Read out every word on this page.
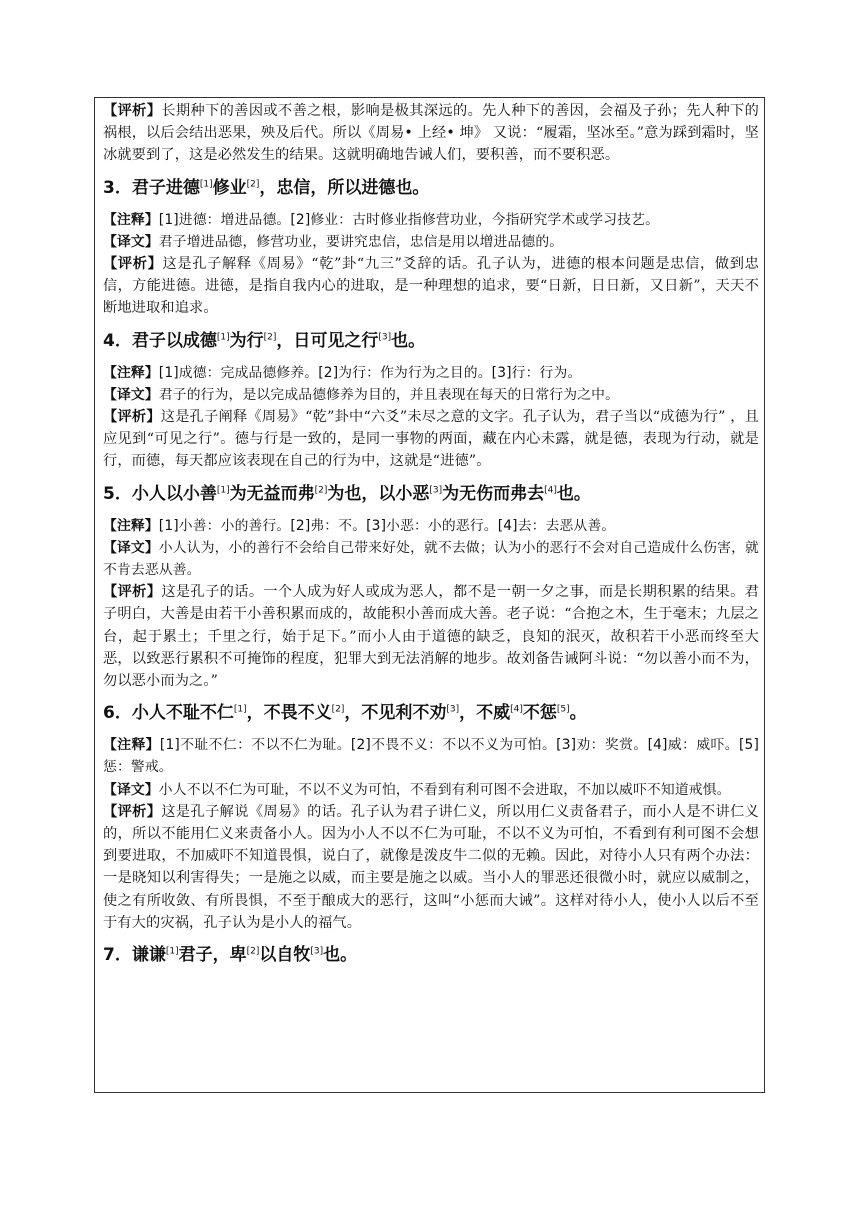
【评析】长期种下的善因或不善之根，影响是极其深远的。先人种下的善因，会福及子孙；先人种下的祸根，以后会结出恶果，殃及后代。所以《周易• 上经• 坤》 又说：“履霜，坚冰至。”意为踩到霜时，坚冰就要到了，这是必然发生的结果。这就明确地告诫人们，要积善，而不要积恶。

3．君子进德[1]修业[2]，忠信，所以进德也。

【注释】[1]进德：增进品德。[2]修业：古时修业指修营功业，今指研究学术或学习技艺。

【译文】君子增进品德，修营功业，要讲究忠信，忠信是用以增进品德的。

【评析】这是孔子解释《周易》“乾”卦“九三”爻辞的话。孔子认为，进德的根本问题是忠信，做到忠信，方能进德。进德，是指自我内心的进取，是一种理想的追求，要“日新，日日新，又日新”，天天不断地进取和追求。

4．君子以成德[1]为行[2]，日可见之行[3]也。

【注释】[1]成德：完成品德修养。[2]为行：作为行为之目的。[3]行：行为。

【译文】君子的行为，是以完成品德修养为目的，并且表现在每天的日常行为之中。

【评析】这是孔子阐释《周易》“乾”卦中“六爻”未尽之意的文字。孔子认为，君子当以“成德为行” ，且应见到“可见之行”。德与行是一致的，是同一事物的两面，藏在内心未露，就是德，表现为行动，就是行，而德，每天都应该表现在自己的行为中，这就是“进德”。

5．小人以小善[1]为无益而弗[2]为也，以小恶[3]为无伤而弗去[4]也。

【注释】[1]小善：小的善行。[2]弗：不。[3]小恶：小的恶行。[4]去：去恶从善。

【译文】小人认为，小的善行不会给自己带来好处，就不去做；认为小的恶行不会对自己造成什么伤害，就不肯去恶从善。

【评析】这是孔子的话。一个人成为好人或成为恶人，都不是一朝一夕之事，而是长期积累的结果。君子明白，大善是由若干小善积累而成的，故能积小善而成大善。老子说：“合抱之木，生于毫末；九层之台，起于累土；千里之行，始于足下。”而小人由于道德的缺乏，良知的泯灭，故积若干小恶而终至大恶，以致恶行累积不可掩饰的程度，犯罪大到无法消解的地步。故刘备告诫阿斗说：“勿以善小而不为，勿以恶小而为之。”

6．小人不耻不仁[1]，不畏不义[2]，不见利不劝[3]，不威[4]不惩[5]。

【注释】[1]不耻不仁：不以不仁为耻。[2]不畏不义：不以不义为可怕。[3]劝：奖赏。[4]威：威吓。[5]惩：警戒。

【译文】小人不以不仁为可耻，不以不义为可怕，不看到有利可图不会进取，不加以威吓不知道戒惧。

【评析】这是孔子解说《周易》的话。孔子认为君子讲仁义，所以用仁义责备君子，而小人是不讲仁义的，所以不能用仁义来责备小人。因为小人不以不仁为可耻，不以不义为可怕，不看到有利可图不会想到要进取，不加威吓不知道畏惧，说白了，就像是泼皮牛二似的无赖。因此，对待小人只有两个办法：一是晓知以利害得失；一是施之以威，而主要是施之以威。当小人的罪恶还很微小时，就应以威制之，使之有所收敛、有所畏惧，不至于酿成大的恶行，这叫“小惩而大诫”。这样对待小人，使小人以后不至于有大的灾祸，孔子认为是小人的福气。

7．谦谦[1]君子，卑[2]以自牧[3]也。
